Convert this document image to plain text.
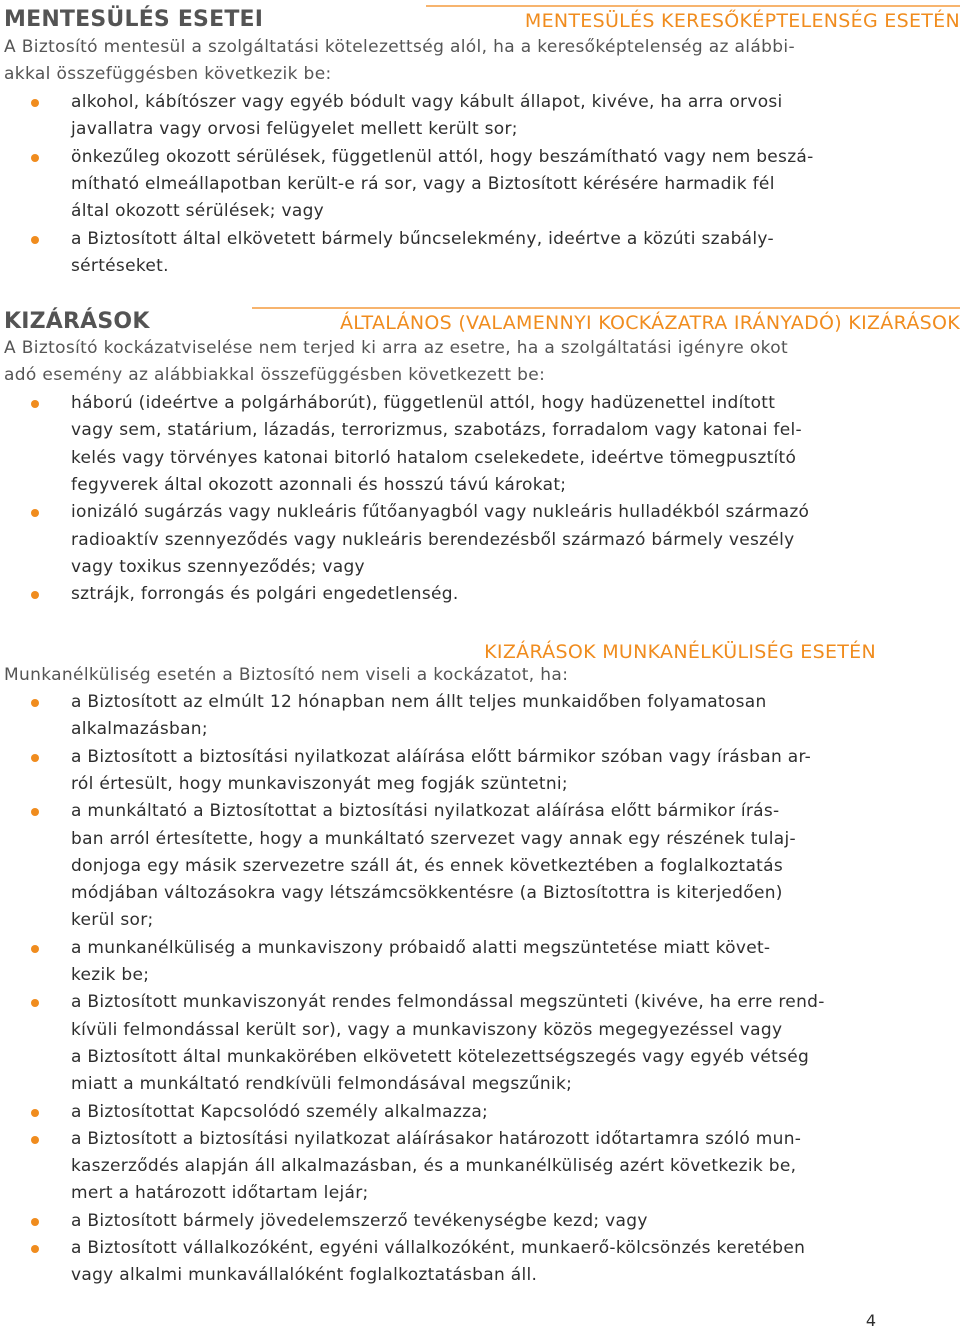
MENTESÜLÉS ESETEI	MENTESÜLÉS KERESŐKÉPTELENSÉG ESETÉN
A Biztosító mentesül a szolgáltatási kötelezettség alól, ha a keresőképtelenség az alábbi-
akkal összefüggésben következik be:
alkohol, kábítószer vagy egyéb bódult vagy kábult állapot, kivéve, ha arra orvosi
javallatra vagy orvosi felügyelet mellett került sor;
önkezűleg okozott sérülések, függetlenül attól, hogy beszámítható vagy nem beszá-
mítható elmeállapotban került-e rá sor, vagy a Biztosított kérésére harmadik fél
által okozott sérülések; vagy
a Biztosított által elkövetett bármely bűncselekmény, ideértve a közúti szabály-
sértéseket.
KIZÁRÁSOK	ÁLTALÁNOS (VALAMENNYI KOCKÁZATRA IRÁNYADÓ) KIZÁRÁSOK
A Biztosító kockázatviselése nem terjed ki arra az esetre, ha a szolgáltatási igényre okot
adó esemény az alábbiakkal összefüggésben következett be:
háború (ideértve a polgárháborút), függetlenül attól, hogy hadüzenettel indított
vagy sem, statárium, lázadás, terrorizmus, szabotázs, forradalom vagy katonai fel-
kelés vagy törvényes katonai bitorló hatalom cselekedete, ideértve tömegpusztító
fegyverek által okozott azonnali és hosszú távú károkat;
ionizáló sugárzás vagy nukleáris fűtőanyagból vagy nukleáris hulladékból származó
radioaktív szennyeződés vagy nukleáris berendezésből származó bármely veszély
vagy toxikus szennyeződés; vagy
sztrájk, forrongás és polgári engedetlenség.
KIZÁRÁSOK MUNKANÉLKÜLISÉG ESETÉN
Munkanélküliség esetén a Biztosító nem viseli a kockázatot, ha:
a Biztosított az elmúlt 12 hónapban nem állt teljes munkaidőben folyamatosan
alkalmazásban;
a Biztosított a biztosítási nyilatkozat aláírása előtt bármikor szóban vagy írásban ar-
ról értesült, hogy munkaviszonyát meg fogják szüntetni;
a munkáltató a Biztosítottat a biztosítási nyilatkozat aláírása előtt bármikor írás-
ban arról értesítette, hogy a munkáltató szervezet vagy annak egy részének tulaj-
donjoga egy másik szervezetre száll át, és ennek következtében a foglalkoztatás
módjában változásokra vagy létszámcsökkentésre (a Biztosítottra is kiterjedően)
kerül sor;
a munkanélküliség a munkaviszony próbaidő alatti megszüntetése miatt követ-
kezik be;
a Biztosított munkaviszonyát rendes felmondással megszünteti (kivéve, ha erre rend-
kívüli felmondással került sor), vagy a munkaviszony közös megegyezéssel vagy
a Biztosított által munkakörében elkövetett kötelezettségszegés vagy egyéb vétség
miatt a munkáltató rendkívüli felmondásával megszűnik;
a Biztosítottat Kapcsolódó személy alkalmazza;
a Biztosított a biztosítási nyilatkozat aláírásakor határozott időtartamra szóló mun-
kaszerződés alapján áll alkalmazásban, és a munkanélküliség azért következik be,
mert a határozott időtartam lejár;
a Biztosított bármely jövedelemszerző tevékenységbe kezd; vagy
a Biztosított vállalkozóként, egyéni vállalkozóként, munkaerő-kölcsönzés keretében
vagy alkalmi munkavállalóként foglalkoztatásban áll.
4
